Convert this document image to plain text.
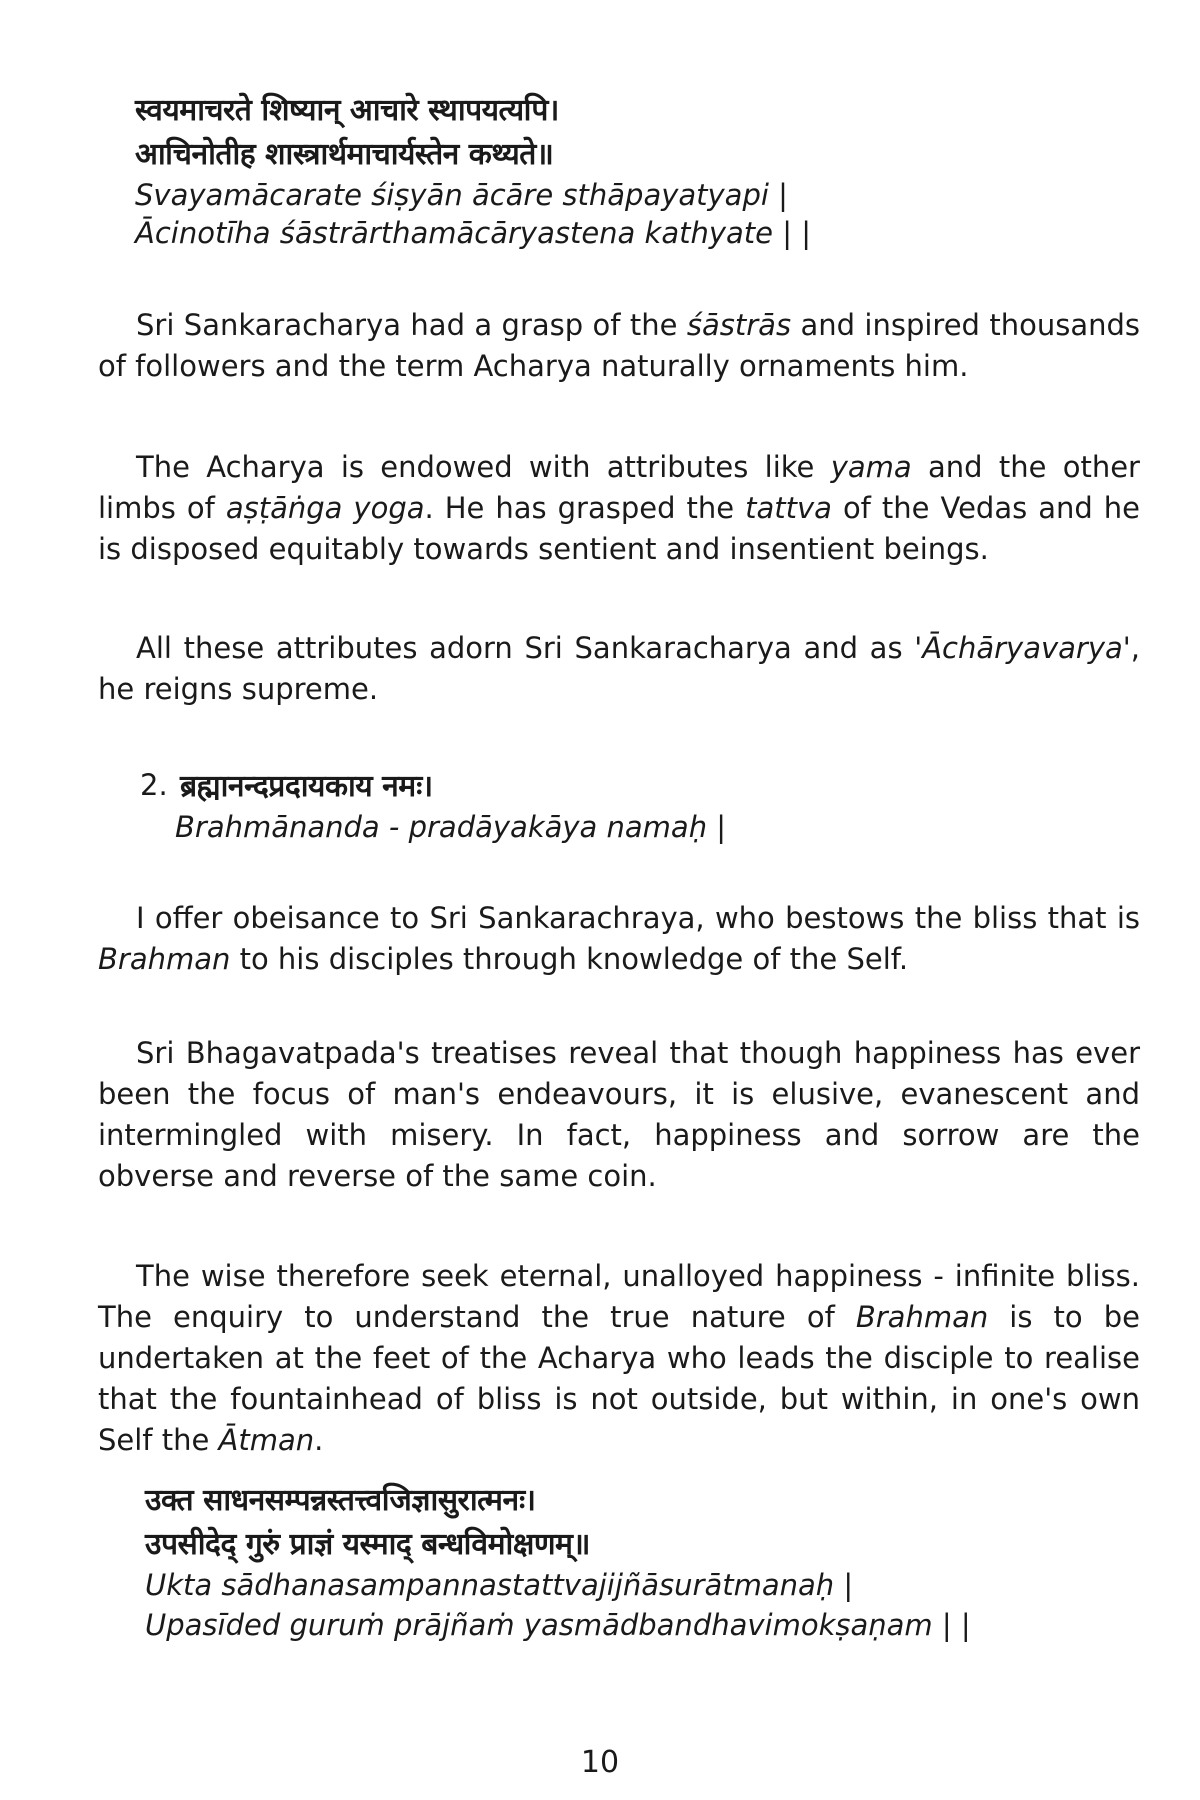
स्वयमाचरते शिष्यान् आचारे स्थापयत्यपि।
आचिनोतीह शास्त्रार्थमाचार्यस्तेन कथ्यते॥
Svayamācarate śiṣyān ācāre sthāpayatyapi |
Ācinotīha śāstrārthamācāryastena kathyate | |

Sri Sankaracharya had a grasp of the śāstrās and inspired thousands of followers and the term Acharya naturally ornaments him.

The Acharya is endowed with attributes like yama and the other limbs of aṣṭāṅga yoga. He has grasped the tattva of the Vedas and he is disposed equitably towards sentient and insentient beings.

All these attributes adorn Sri Sankaracharya and as 'Āchāryavarya', he reigns supreme.

2. ब्रह्मानन्दप्रदायकाय नमः।
Brahmānanda - pradāyakāya namaḥ |

I offer obeisance to Sri Sankarachraya, who bestows the bliss that is Brahman to his disciples through knowledge of the Self.

Sri Bhagavatpada's treatises reveal that though happiness has ever been the focus of man's endeavours, it is elusive, evanescent and intermingled with misery. In fact, happiness and sorrow are the obverse and reverse of the same coin.

The wise therefore seek eternal, unalloyed happiness - infinite bliss. The enquiry to understand the true nature of Brahman is to be undertaken at the feet of the Acharya who leads the disciple to realise that the fountainhead of bliss is not outside, but within, in one's own Self the Ātman.

उक्त साधनसम्पन्नस्तत्त्वजिज्ञासुरात्मनः।
उपसीदेद् गुरुं प्राज्ञं यस्माद् बन्धविमोक्षणम्॥
Ukta sādhanasampannastattvajijñāsurātmanaḥ |
Upasīded guruṁ prājñaṁ yasmādbandhavimokṣaṇam | |
10
